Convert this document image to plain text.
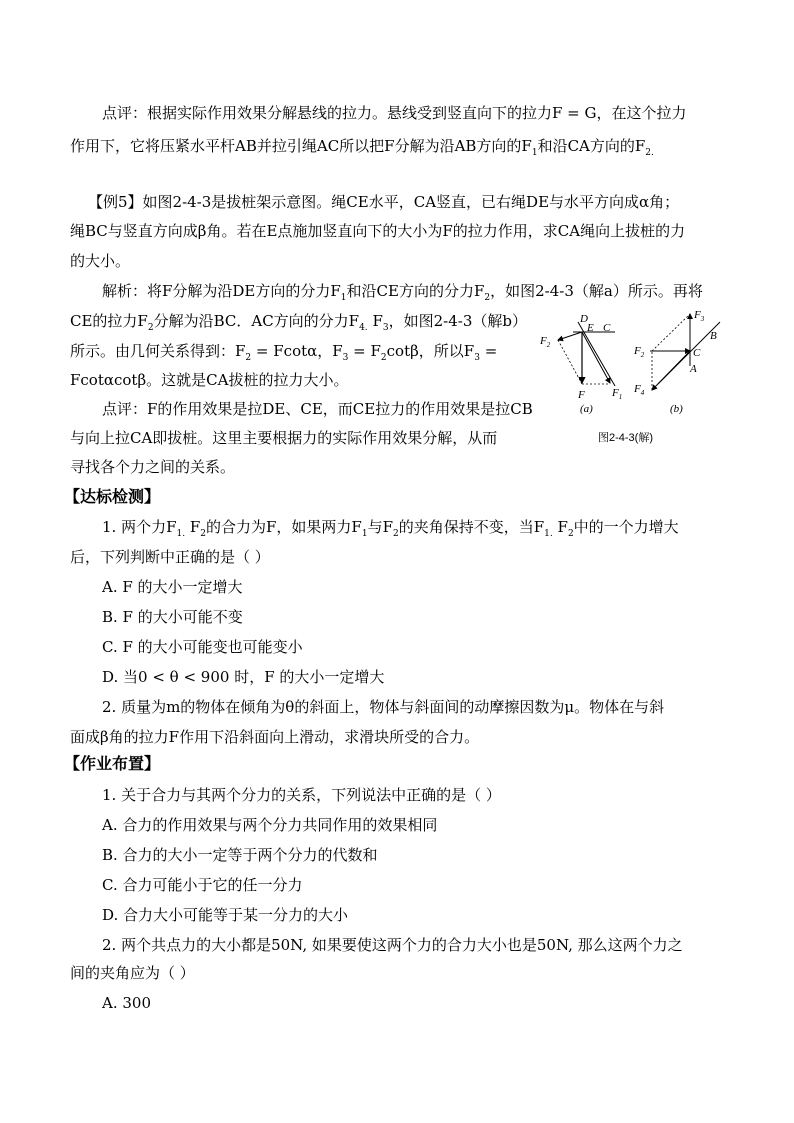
点评：根据实际作用效果分解悬线的拉力。悬线受到竖直向下的拉力F = G，在这个拉力
作用下，它将压紧水平杆AB并拉引绳AC所以把F分解为沿AB方向的$F_1$和沿CA方向的$F_{2.}$
【例5】如图2-4-3是拔桩架示意图。绳CE水平，CA竖直，已右绳DE与水平方向成α角；
绳BC与竖直方向成β角。若在E点施加竖直向下的大小为F的拉力作用，求CA绳向上拔桩的力
的大小。
解析：将F分解为沿DE方向的分力$F_1$和沿CE方向的分力$F_2$，如图2-4-3（解a）所示。再将
CE的拉力$F_2$分解为沿BC．AC方向的分力$F_{4.}$ $F_3$，如图2-4-3（解b）
所示。由几何关系得到：$F_2 = Fcot\alpha$，$F_3 = F_2\cot\beta$，所以$F_3$ =
Fcotαcotβ。这就是CA拔桩的拉力大小。
点评：F的作用效果是拉DE、CE，而CE拉力的作用效果是拉CB
与向上拉CA即拔桩。这里主要根据力的实际作用效果分解，从而
寻找各个力之间的关系。
D
E C
$F_2$
F $F_1$
(a)
$F_3$
B
$F_2$	C
A
$F_4$
(b)
图2-4-3(解)
【达标检测】
1. 两个力$F_{1.}$ $F_2$的合力为F，如果两力$F_1$与$F_2$的夹角保持不变，当$F_{1.}$ $F_2$中的一个力增大
后，下列判断中正确的是（ ）
A. F 的大小一定增大
B. F 的大小可能不变
C. F 的大小可能变也可能变小
D. 当0 < θ < 900 时，F 的大小一定增大
2. 质量为m的物体在倾角为θ的斜面上，物体与斜面间的动摩擦因数为μ。物体在与斜
面成β角的拉力F作用下沿斜面向上滑动，求滑块所受的合力。
【作业布置】
1. 关于合力与其两个分力的关系，下列说法中正确的是（ ）
A. 合力的作用效果与两个分力共同作用的效果相同
B. 合力的大小一定等于两个分力的代数和
C. 合力可能小于它的任一分力
D. 合力大小可能等于某一分力的大小
2. 两个共点力的大小都是50N, 如果要使这两个力的合力大小也是50N, 那么这两个力之
间的夹角应为（ ）
A. 300
